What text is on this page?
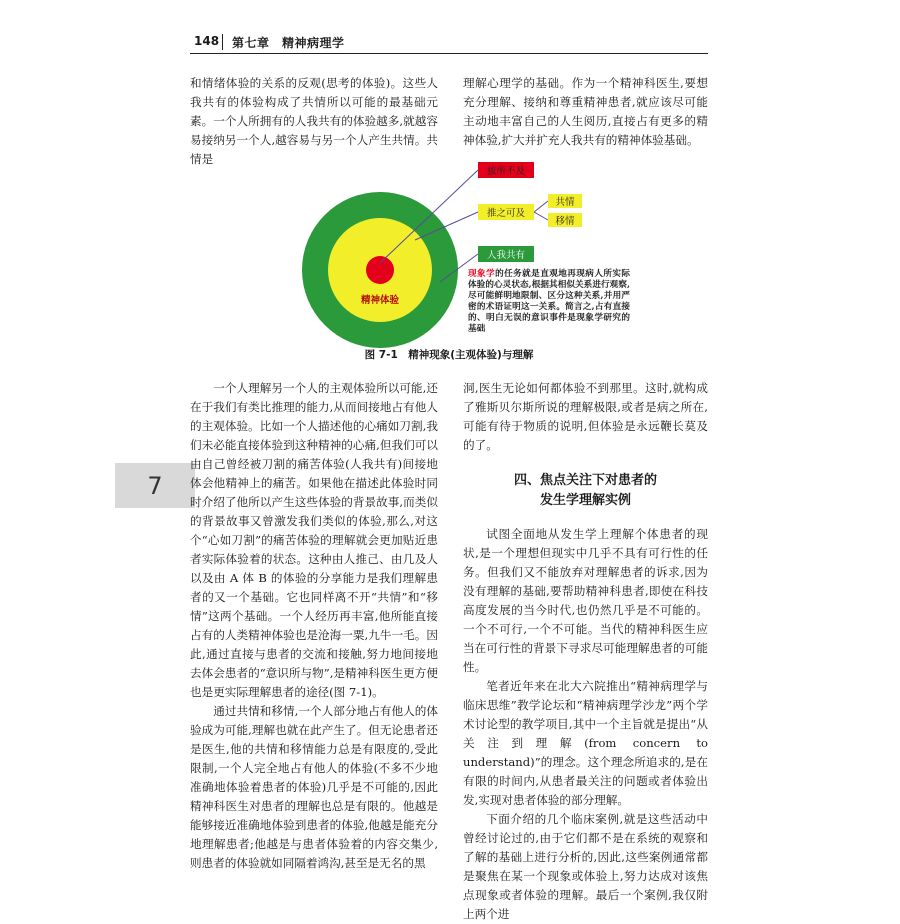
148 第七章　精神病理学

和情绪体验的关系的反观(思考的体验)。这些人我共有的体验构成了共情所以可能的最基础元素。一个人所拥有的人我共有的体验越多,就越容易接纳另一个人,越容易与另一个人产生共情。共情是

理解心理学的基础。作为一个精神科医生,要想充分理解、接纳和尊重精神患者,就应该尽可能主动地丰富自己的人生阅历,直接占有更多的精神体验,扩大并扩充人我共有的精神体验基础。

拔所不及
推之可及
共情
移情
人我共有
精神体验
现象学的任务就是直观地再现病人所实际体验的心灵状态,根据其相似关系进行观察,尽可能鲜明地限制、区分这种关系,并用严密的术语证明这一关系。简言之,占有直接的、明白无误的意识事件是现象学研究的基础
图 7-1　精神现象(主观体验)与理解
7

一个人理解另一个人的主观体验所以可能,还在于我们有类比推理的能力,从而间接地占有他人的主观体验。比如一个人描述他的心痛如刀割,我们未必能直接体验到这种精神的心痛,但我们可以由自己曾经被刀割的痛苦体验(人我共有)间接地体会他精神上的痛苦。如果他在描述此体验时同时介绍了他所以产生这些体验的背景故事,而类似的背景故事又曾激发我们类似的体验,那么,对这个“心如刀割”的痛苦体验的理解就会更加贴近患者实际体验着的状态。这种由人推己、由几及人以及由 A 体 B 的体验的分享能力是我们理解患者的又一个基础。它也同样离不开“共情”和“移情”这两个基础。一个人经历再丰富,他所能直接占有的人类精神体验也是沧海一粟,九牛一毛。因此,通过直接与患者的交流和接触,努力地间接地去体会患者的“意识所与物”,是精神科医生更方便也是更实际理解患者的途径(图 7-1)。

通过共情和移情,一个人部分地占有他人的体验成为可能,理解也就在此产生了。但无论患者还是医生,他的共情和移情能力总是有限度的,受此限制,一个人完全地占有他人的体验(不多不少地准确地体验着患者的体验)几乎是不可能的,因此精神科医生对患者的理解也总是有限的。他越是能够接近准确地体验到患者的体验,他越是能充分地理解患者;他越是与患者体验着的内容交集少,则患者的体验就如同隔着鸿沟,甚至是无名的黑

洞,医生无论如何都体验不到那里。这时,就构成了雅斯贝尔斯所说的理解极限,或者是病之所在,可能有待于物质的说明,但体验是永远鞭长莫及的了。

四、焦点关注下对患者的
发生学理解实例

试图全面地从发生学上理解个体患者的现状,是一个理想但现实中几乎不具有可行性的任务。但我们又不能放弃对理解患者的诉求,因为没有理解的基础,要帮助精神科患者,即使在科技高度发展的当今时代,也仍然几乎是不可能的。一个不可行,一个不可能。当代的精神科医生应当在可行性的背景下寻求尽可能理解患者的可能性。

笔者近年来在北大六院推出“精神病理学与临床思维”教学论坛和“精神病理学沙龙”两个学术讨论型的教学项目,其中一个主旨就是提出“从关注到理解(from concern to understand)”的理念。这个理念所追求的,是在有限的时间内,从患者最关注的问题或者体验出发,实现对患者体验的部分理解。

下面介绍的几个临床案例,就是这些活动中曾经讨论过的,由于它们都不是在系统的观察和了解的基础上进行分析的,因此,这些案例通常都是聚焦在某一个现象或体验上,努力达成对该焦点现象或者体验的理解。最后一个案例,我仅附上两个进
